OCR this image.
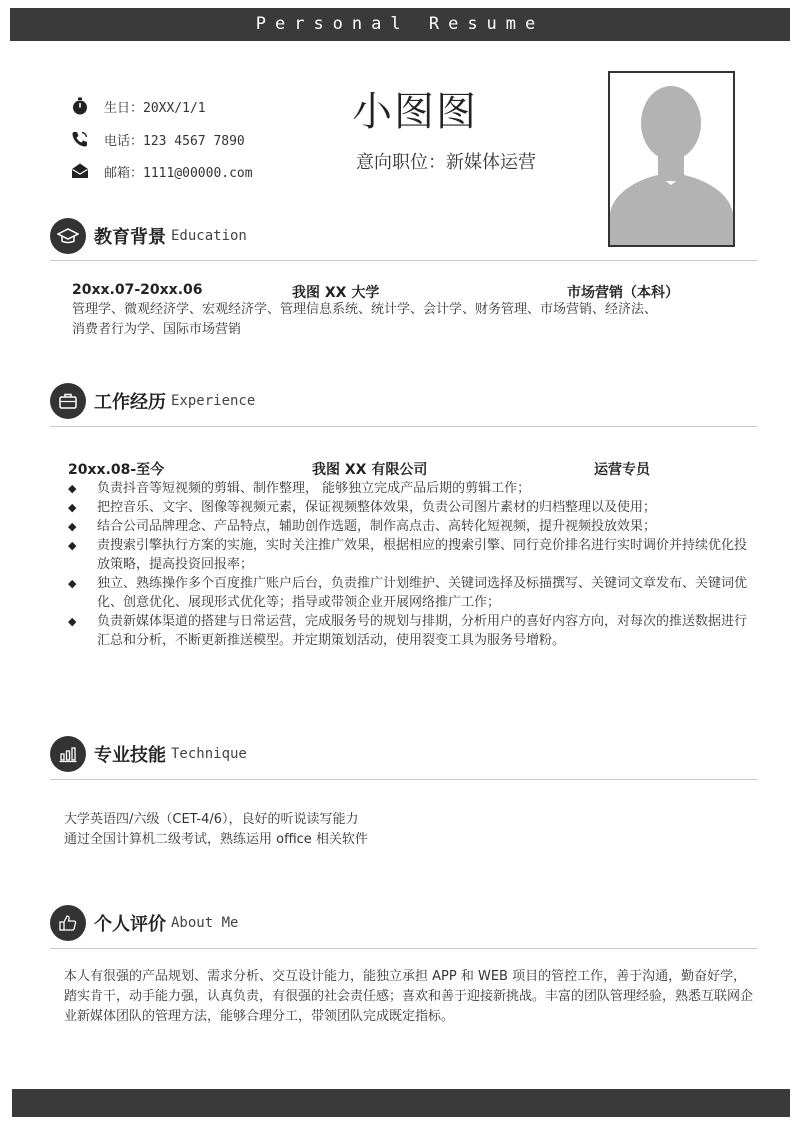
Personal Resume
生日：20XX/1/1
电话：123 4567 7890
邮箱：1111@00000.com
小图图
意向职位：新媒体运营
教育背景 Education
20xx.07-20xx.06	我图 XX 大学	市场营销（本科）
管理学、微观经济学、宏观经济学、管理信息系统、统计学、会计学、财务管理、市场营销、经济法、
消费者行为学、国际市场营销
工作经历 Experience
20xx.08-至今	我图 XX 有限公司	运营专员
◆ 负责抖音等短视频的剪辑、制作整理， 能够独立完成产品后期的剪辑工作；
◆ 把控音乐、文字、图像等视频元素，保证视频整体效果，负责公司图片素材的归档整理以及使用；
◆ 结合公司品牌理念、产品特点，辅助创作选题，制作高点击、高转化短视频，提升视频投放效果；
◆ 责搜索引擎执行方案的实施，实时关注推广效果，根据相应的搜索引擎、同行竞价排名进行实时调价并持续优化投放策略，提高投资回报率；
◆ 独立、熟练操作多个百度推广账户后台，负责推广计划维护、关键词选择及标描撰写、关键词文章发布、关键词优化、创意优化、展现形式优化等；指导或带领企业开展网络推广工作；
◆ 负责新媒体渠道的搭建与日常运营，完成服务号的规划与排期，分析用户的喜好内容方向，对每次的推送数据进行汇总和分析，不断更新推送模型。并定期策划活动，使用裂变工具为服务号增粉。
专业技能 Technique
大学英语四/六级（CET-4/6），良好的听说读写能力
通过全国计算机二级考试，熟练运用 office 相关软件
个人评价 About Me
本人有很强的产品规划、需求分析、交互设计能力，能独立承担 APP 和 WEB 项目的管控工作，善于沟通，勤奋好学，踏实肯干，动手能力强，认真负责，有很强的社会责任感；喜欢和善于迎接新挑战。丰富的团队管理经验，熟悉互联网企业新媒体团队的管理方法，能够合理分工，带领团队完成既定指标。
